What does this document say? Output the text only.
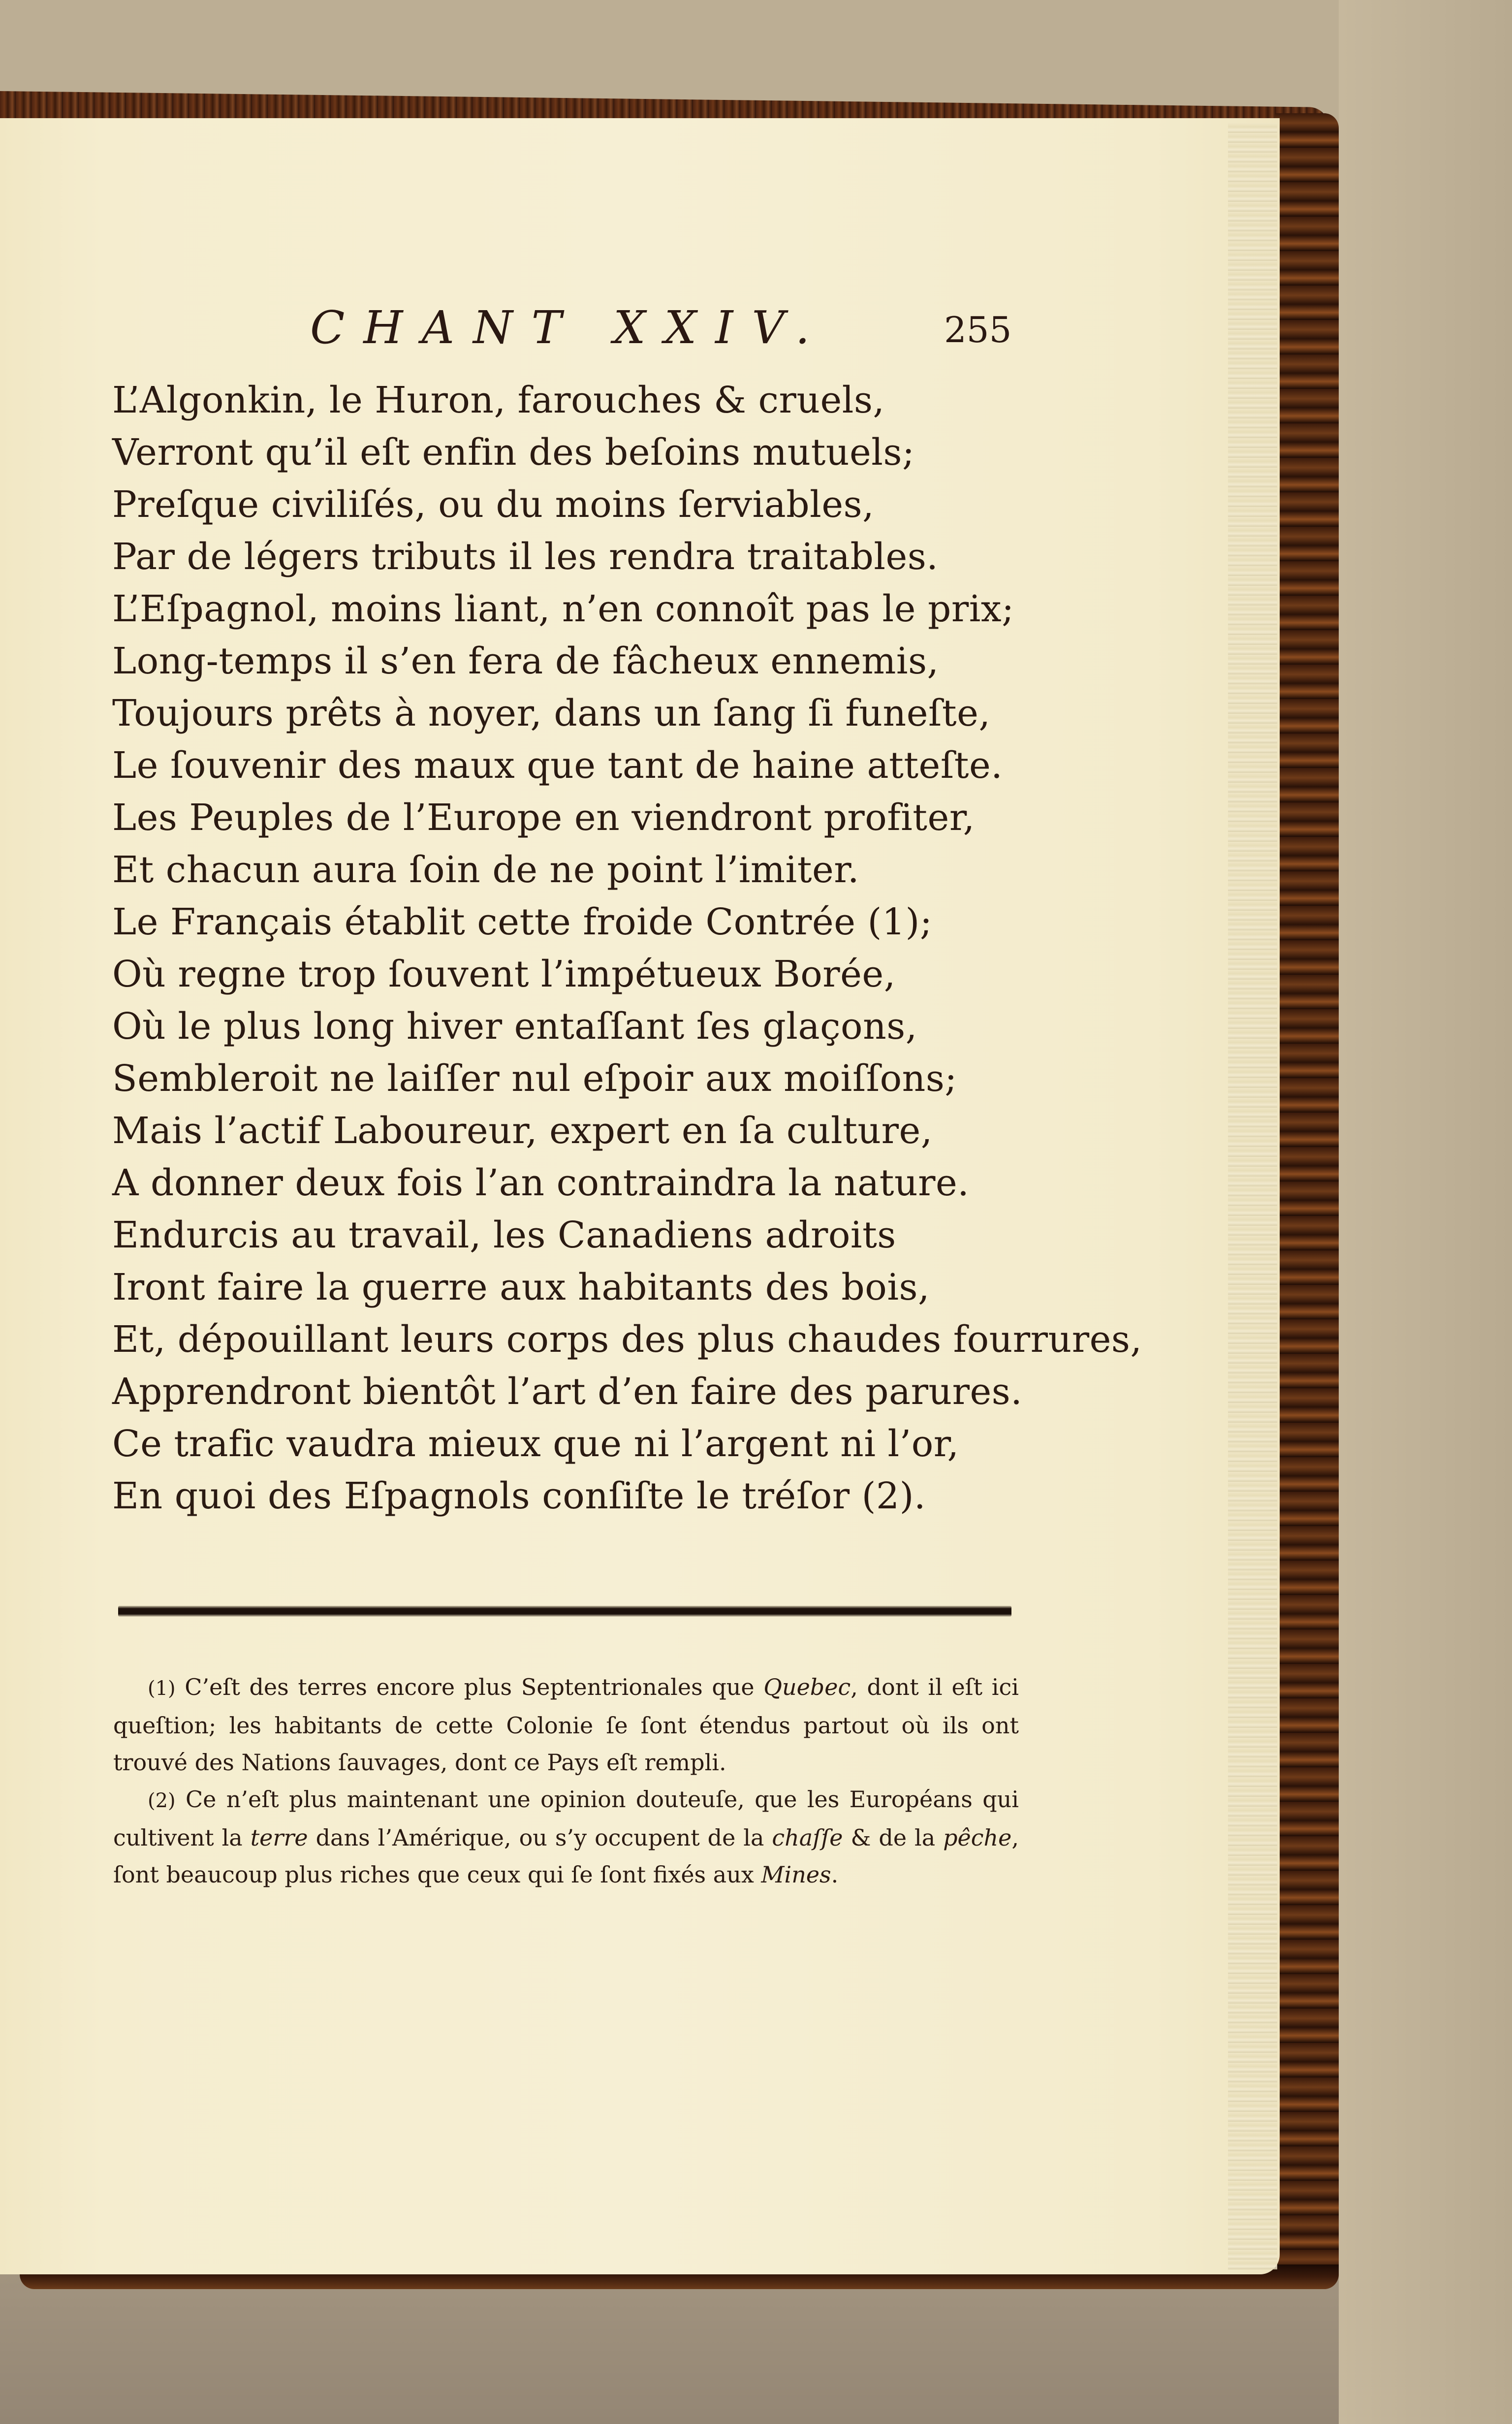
CHANT XXIV.	255
L’Algonkin, le Huron, farouches & cruels,
Verront qu’il eſt enfin des beſoins mutuels;
Preſque civiliſés, ou du moins ſerviables,
Par de légers tributs il les rendra traitables.
L’Eſpagnol, moins liant, n’en connoît pas le prix;
Long-temps il s’en fera de fâcheux ennemis,
Toujours prêts à noyer, dans un ſang ſi funeſte,
Le ſouvenir des maux que tant de haine atteſte.
Les Peuples de l’Europe en viendront profiter,
Et chacun aura ſoin de ne point l’imiter.
Le Français établit cette froide Contrée (1);
Où regne trop ſouvent l’impétueux Borée,
Où le plus long hiver entaſſant ſes glaçons,
Sembleroit ne laiſſer nul eſpoir aux moiſſons;
Mais l’actif Laboureur, expert en ſa culture,
A donner deux fois l’an contraindra la nature.
Endurcis au travail, les Canadiens adroits
Iront faire la guerre aux habitants des bois,
Et, dépouillant leurs corps des plus chaudes fourrures,
Apprendront bientôt l’art d’en faire des parures.
Ce trafic vaudra mieux que ni l’argent ni l’or,
En quoi des Eſpagnols conſiſte le tréſor (2).

(1) C’eſt des terres encore plus Septentrionales que Quebec, dont il eſt ici queſtion; les habitants de cette Colonie ſe ſont étendus partout où ils ont trouvé des Nations ſauvages, dont ce Pays eſt rempli.

(2) Ce n’eſt plus maintenant une opinion douteuſe, que les Européans qui cultivent la terre dans l’Amérique, ou s’y occupent de la chaſſe & de la pêche, ſont beaucoup plus riches que ceux qui ſe ſont fixés aux Mines.
